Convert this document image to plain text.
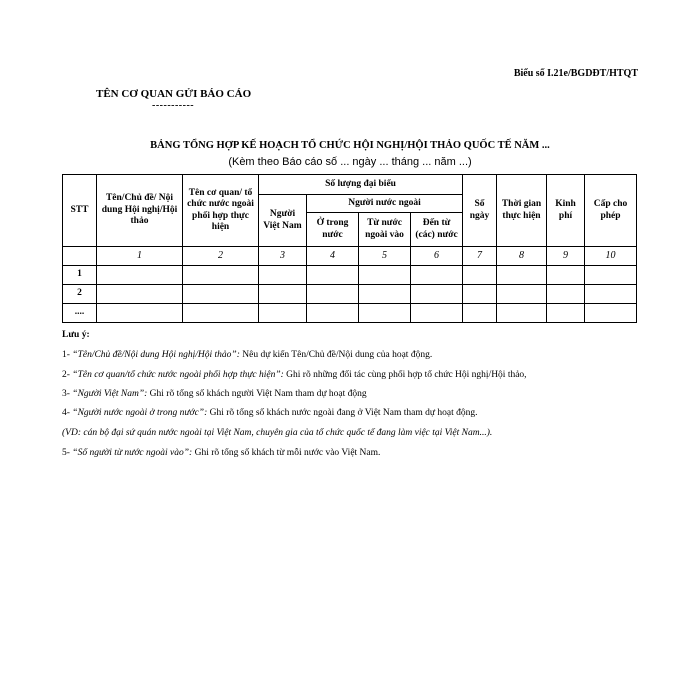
Biểu số I.21e/BGDĐT/HTQT
TÊN CƠ QUAN GỬI BÁO CÁO
-----------
BẢNG TỔNG HỢP KẾ HOẠCH TỔ CHỨC HỘI NGHỊ/HỘI THẢO QUỐC TẾ NĂM ...
(Kèm theo Báo cáo số ... ngày ... tháng ... năm ...)
STT	Tên/Chủ đề/ Nội dung Hội nghị/Hội thảo	Tên cơ quan/ tổ chức nước ngoài phối hợp thực hiện	Số lượng đại biểu				Số ngày	Thời gian thực hiện	Kinh phí	Cấp cho phép
			Người Việt Nam	Người nước ngoài						
				Ở trong nước	Từ nước ngoài vào	Đến từ (các) nước				
	1	2	3	4	5	6	7	8	9	10
1										
2										
....										
Lưu ý:
1- “Tên/Chủ đề/Nội dung Hội nghị/Hội thảo”: Nêu dự kiến Tên/Chủ đề/Nội dung của hoạt động.
2- “Tên cơ quan/tổ chức nước ngoài phối hợp thực hiện”: Ghi rõ những đối tác cùng phối hợp tổ chức Hội nghị/Hội thảo,
3- “Người Việt Nam”: Ghi rõ tổng số khách người Việt Nam tham dự hoạt động
4- “Người nước ngoài ở trong nước”: Ghi rõ tổng số khách nước ngoài đang ở Việt Nam tham dự hoạt động.
(VD: cán bộ đại sứ quán nước ngoài tại Việt Nam, chuyên gia của tổ chức quốc tế đang làm việc tại Việt Nam...).
5- “Số người từ nước ngoài vào”: Ghi rõ tổng số khách từ mỗi nước vào Việt Nam.
